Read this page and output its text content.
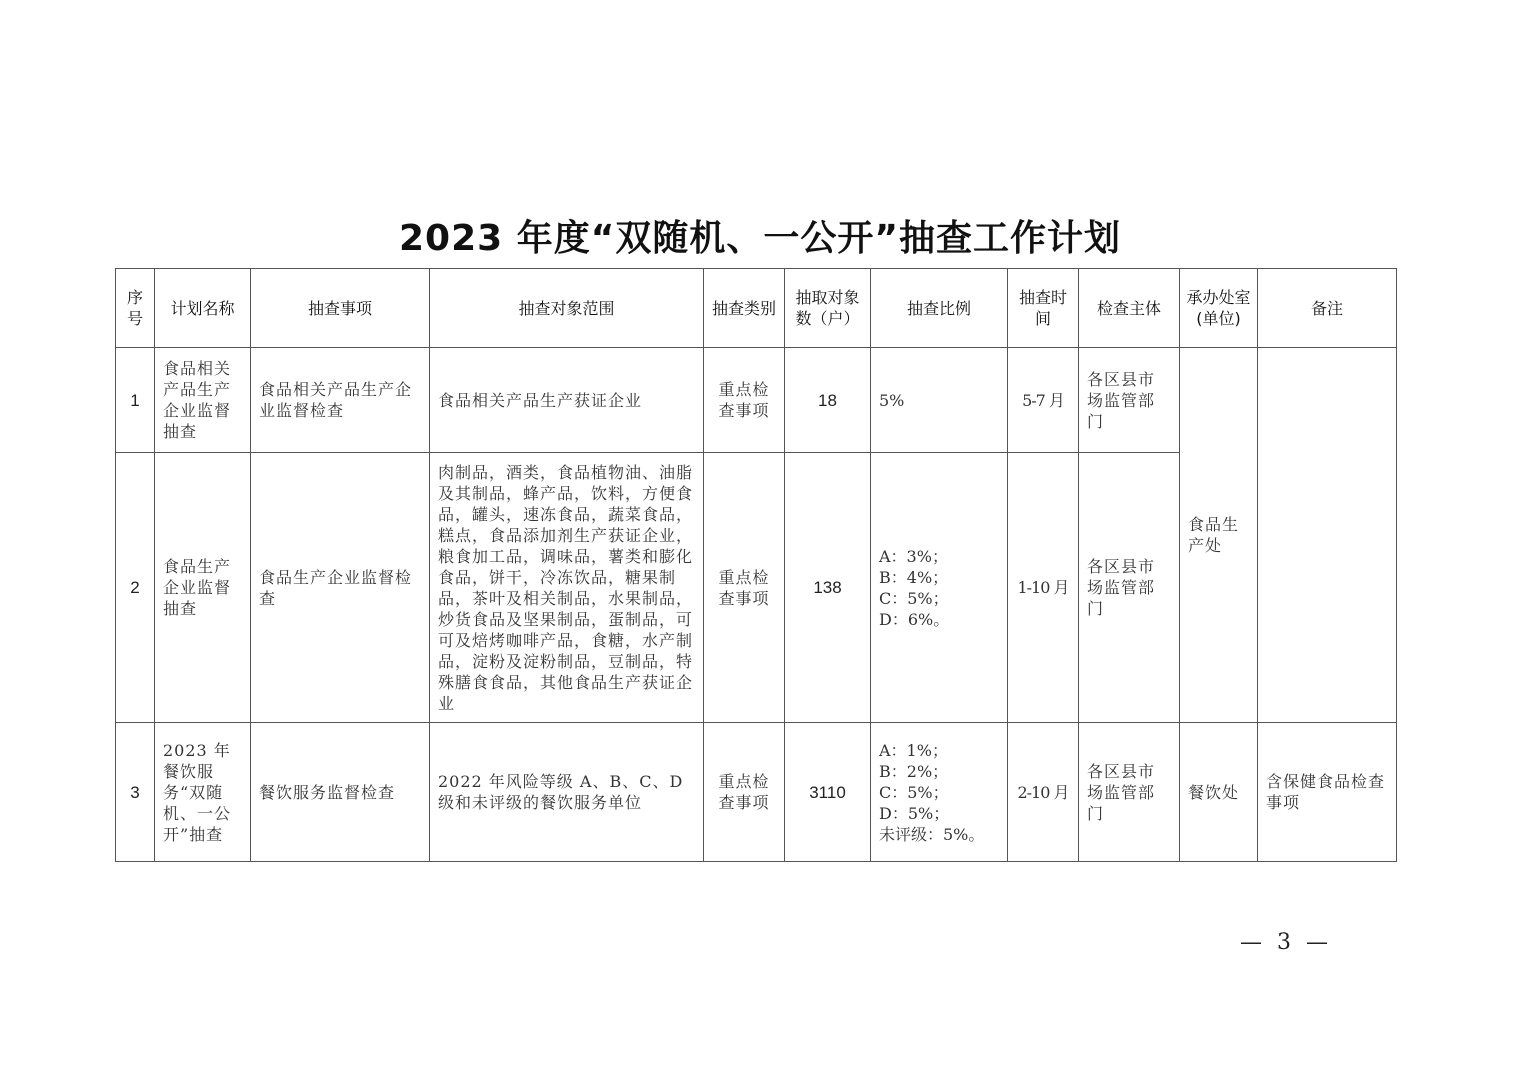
2023 年度“双随机、一公开”抽查工作计划
序号	计划名称	抽查事项	抽查对象范围	抽查类别	抽取对象数（户）	抽查比例	抽查时间	检查主体	承办处室(单位)	备注
1	食品相关产品生产企业监督抽查	食品相关产品生产企业监督检查	食品相关产品生产获证企业	重点检查事项	18	5%	5-7 月	各区县市场监管部门	食品生产处	
2	食品生产企业监督抽查	食品生产企业监督检查	肉制品，酒类，食品植物油、油脂及其制品，蜂产品，饮料，方便食品，罐头，速冻食品，蔬菜食品，糕点，食品添加剂生产获证企业，粮食加工品，调味品，薯类和膨化食品，饼干，冷冻饮品，糖果制品，茶叶及相关制品，水果制品，炒货食品及坚果制品，蛋制品，可可及焙烤咖啡产品，食糖，水产制品，淀粉及淀粉制品，豆制品，特殊膳食食品，其他食品生产获证企业	重点检查事项	138	A：3%；
B：4%；
C：5%；
D：6%。	1-10 月	各区县市场监管部门		
3	2023 年餐饮服务“双随机、一公开”抽查	餐饮服务监督检查	2022 年风险等级 A、B、C、D 级和未评级的餐饮服务单位	重点检查事项	3110	A：1%；
B：2%；
C：5%；
D：5%；
未评级：5%。	2-10 月	各区县市场监管部门	餐饮处	含保健食品检查事项
— 3 —
